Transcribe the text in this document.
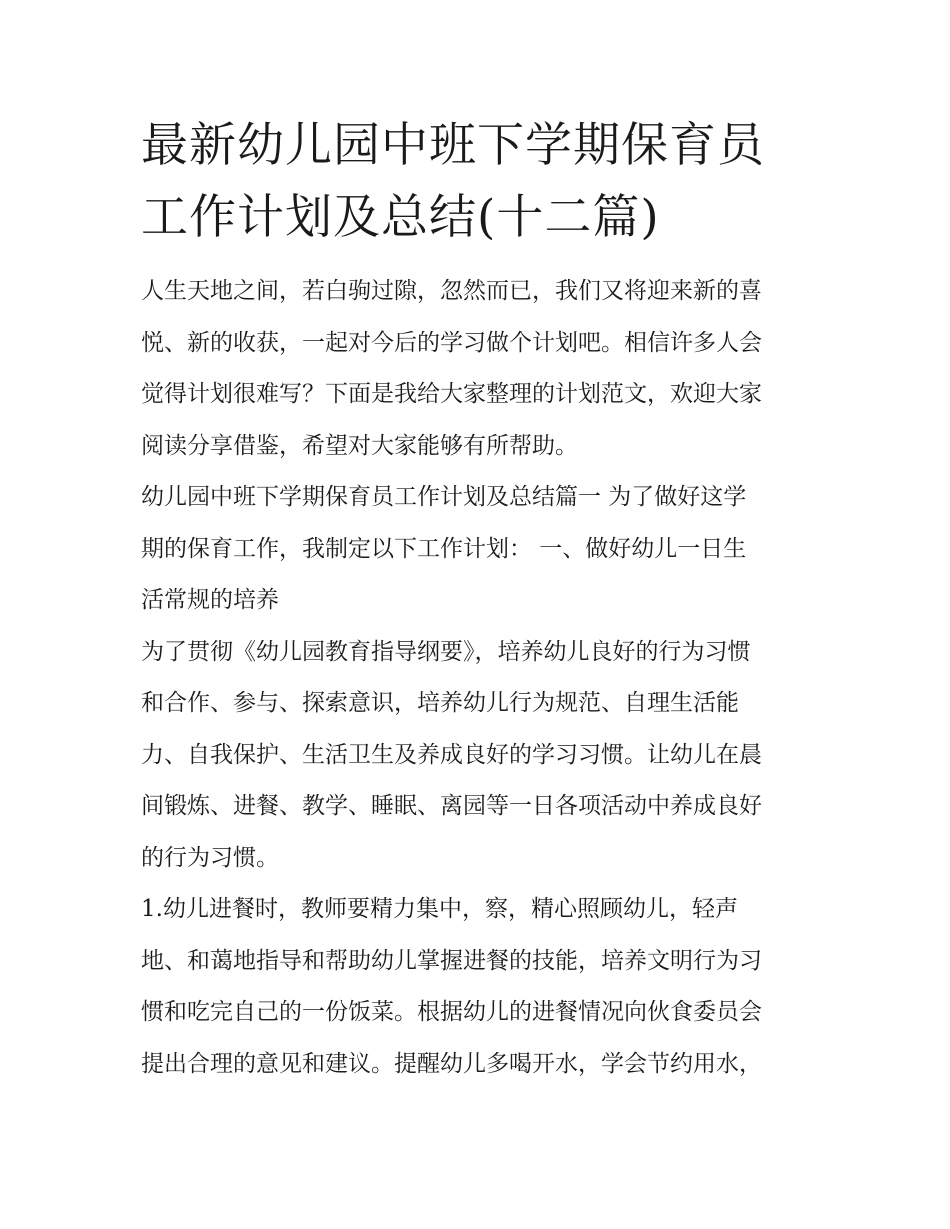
最新幼儿园中班下学期保育员
工作计划及总结(十二篇)

人生天地之间，若白驹过隙，忽然而已，我们又将迎来新的喜
悦、新的收获，一起对今后的学习做个计划吧。相信许多人会
觉得计划很难写？下面是我给大家整理的计划范文，欢迎大家
阅读分享借鉴，希望对大家能够有所帮助。

幼儿园中班下学期保育员工作计划及总结篇一 为了做好这学
期的保育工作，我制定以下工作计划： 一、做好幼儿一日生
活常规的培养

为了贯彻《幼儿园教育指导纲要》，培养幼儿良好的行为习惯
和合作、参与、探索意识，培养幼儿行为规范、自理生活能
力、自我保护、生活卫生及养成良好的学习习惯。让幼儿在晨
间锻炼、进餐、教学、睡眠、离园等一日各项活动中养成良好
的行为习惯。

1.幼儿进餐时，教师要精力集中，察，精心照顾幼儿，轻声
地、和蔼地指导和帮助幼儿掌握进餐的技能，培养文明行为习
惯和吃完自己的一份饭菜。根据幼儿的进餐情况向伙食委员会
提出合理的意见和建议。提醒幼儿多喝开水，学会节约用水，
